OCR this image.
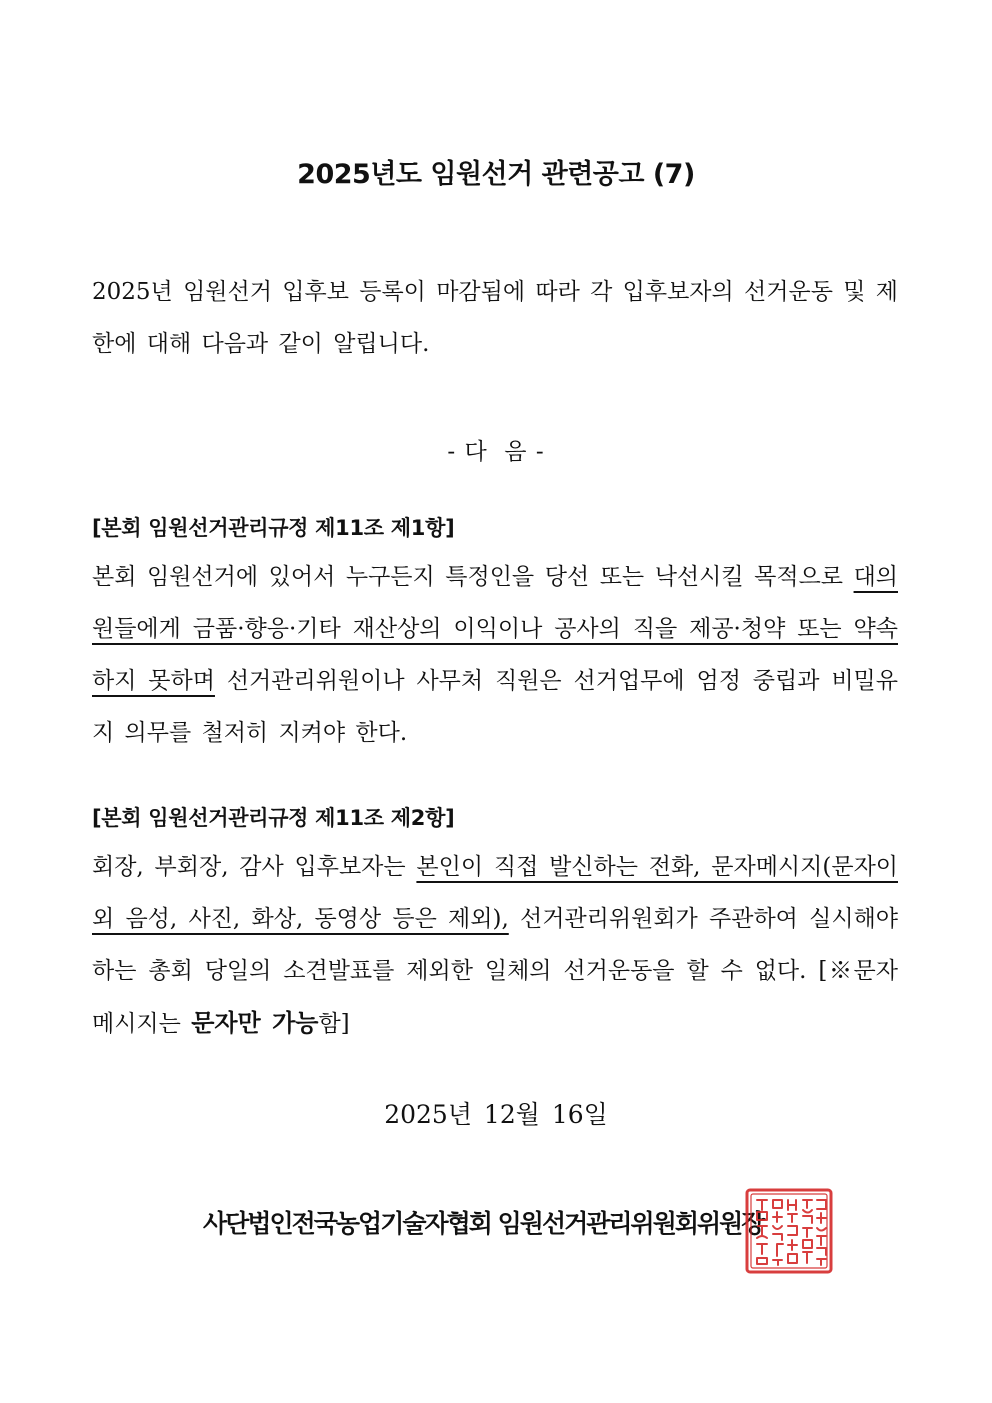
2025년도 임원선거 관련공고 (7)
2025년 임원선거 입후보 등록이 마감됨에 따라 각 입후보자의 선거운동 및 제한에 대해 다음과 같이 알립니다.
- 다  음 -
[본회 임원선거관리규정 제11조 제1항]
본회 임원선거에 있어서 누구든지 특정인을 당선 또는 낙선시킬 목적으로 대의원들에게 금품·향응·기타 재산상의 이익이나 공사의 직을 제공·청약 또는 약속하지 못하며 선거관리위원이나 사무처 직원은 선거업무에 엄정 중립과 비밀유지 의무를 철저히 지켜야 한다.
[본회 임원선거관리규정 제11조 제2항]
회장, 부회장, 감사 입후보자는 본인이 직접 발신하는 전화, 문자메시지(문자이외 음성, 사진, 화상, 동영상 등은 제외), 선거관리위원회가 주관하여 실시해야 하는 총회 당일의 소견발표를 제외한 일체의 선거운동을 할 수 없다. [※문자메시지는 문자만 가능함]
2025년 12월 16일
사단법인전국농업기술자협회 임원선거관리위원회위원장
